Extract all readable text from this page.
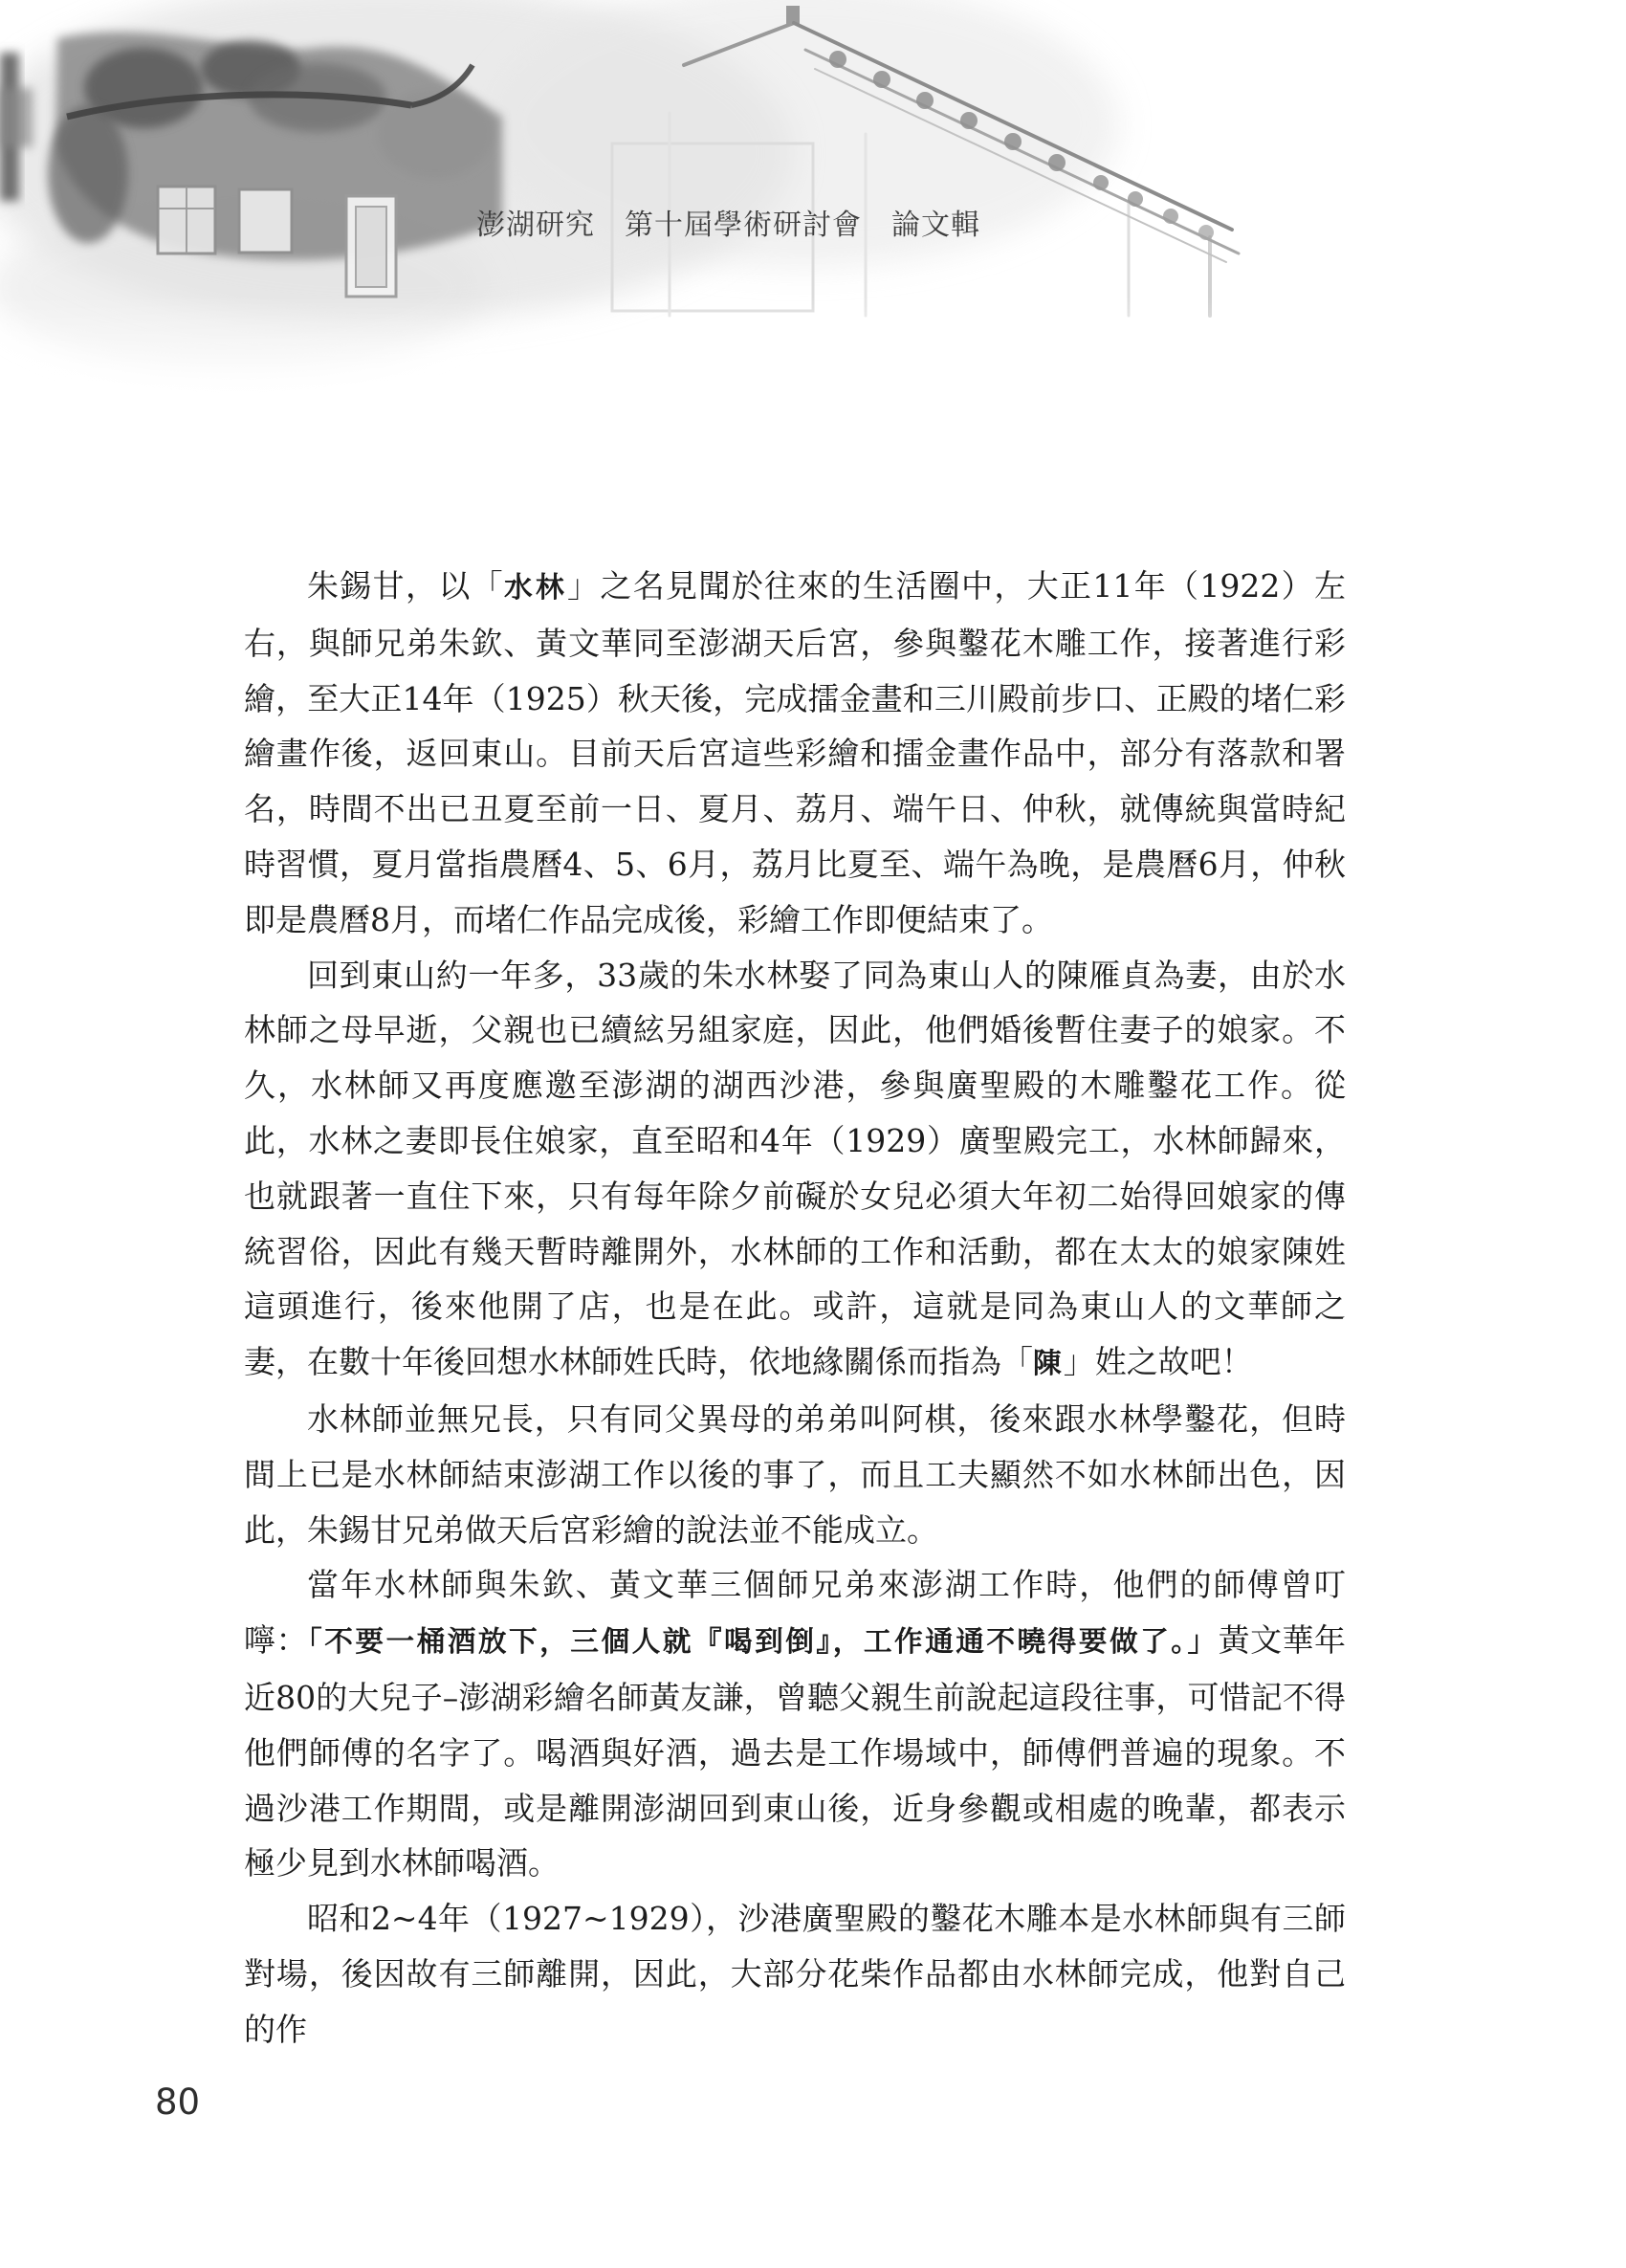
澎湖研究　第十屆學術研討會　論文輯

朱錫甘，以「水林」之名見聞於往來的生活圈中，大正11年（1922）左右，與師兄弟朱欽、黃文華同至澎湖天后宮，參與鑿花木雕工作，接著進行彩繪，至大正14年（1925）秋天後，完成擂金畫和三川殿前步口、正殿的堵仁彩繪畫作後，返回東山。目前天后宮這些彩繪和擂金畫作品中，部分有落款和署名，時間不出已丑夏至前一日、夏月、荔月、端午日、仲秋，就傳統與當時紀時習慣，夏月當指農曆4、5、6月，荔月比夏至、端午為晚，是農曆6月，仲秋即是農曆8月，而堵仁作品完成後，彩繪工作即便結束了。

回到東山約一年多，33歲的朱水林娶了同為東山人的陳雁貞為妻，由於水林師之母早逝，父親也已續絃另組家庭，因此，他們婚後暫住妻子的娘家。不久，水林師又再度應邀至澎湖的湖西沙港，參與廣聖殿的木雕鑿花工作。從此，水林之妻即長住娘家，直至昭和4年（1929）廣聖殿完工，水林師歸來，也就跟著一直住下來，只有每年除夕前礙於女兒必須大年初二始得回娘家的傳統習俗，因此有幾天暫時離開外，水林師的工作和活動，都在太太的娘家陳姓這頭進行，後來他開了店，也是在此。或許，這就是同為東山人的文華師之妻，在數十年後回想水林師姓氏時，依地緣關係而指為「陳」姓之故吧！

水林師並無兄長，只有同父異母的弟弟叫阿棋，後來跟水林學鑿花，但時間上已是水林師結束澎湖工作以後的事了，而且工夫顯然不如水林師出色，因此，朱錫甘兄弟做天后宮彩繪的說法並不能成立。

當年水林師與朱欽、黃文華三個師兄弟來澎湖工作時，他們的師傅曾叮嚀：「不要一桶酒放下，三個人就『喝到倒』，工作通通不曉得要做了。」黃文華年近80的大兒子–澎湖彩繪名師黃友謙，曾聽父親生前說起這段往事，可惜記不得他們師傅的名字了。喝酒與好酒，過去是工作場域中，師傅們普遍的現象。不過沙港工作期間，或是離開澎湖回到東山後，近身參觀或相處的晚輩，都表示極少見到水林師喝酒。

昭和2~4年（1927~1929），沙港廣聖殿的鑿花木雕本是水林師與有三師對場，後因故有三師離開，因此，大部分花柴作品都由水林師完成，他對自己的作

80
